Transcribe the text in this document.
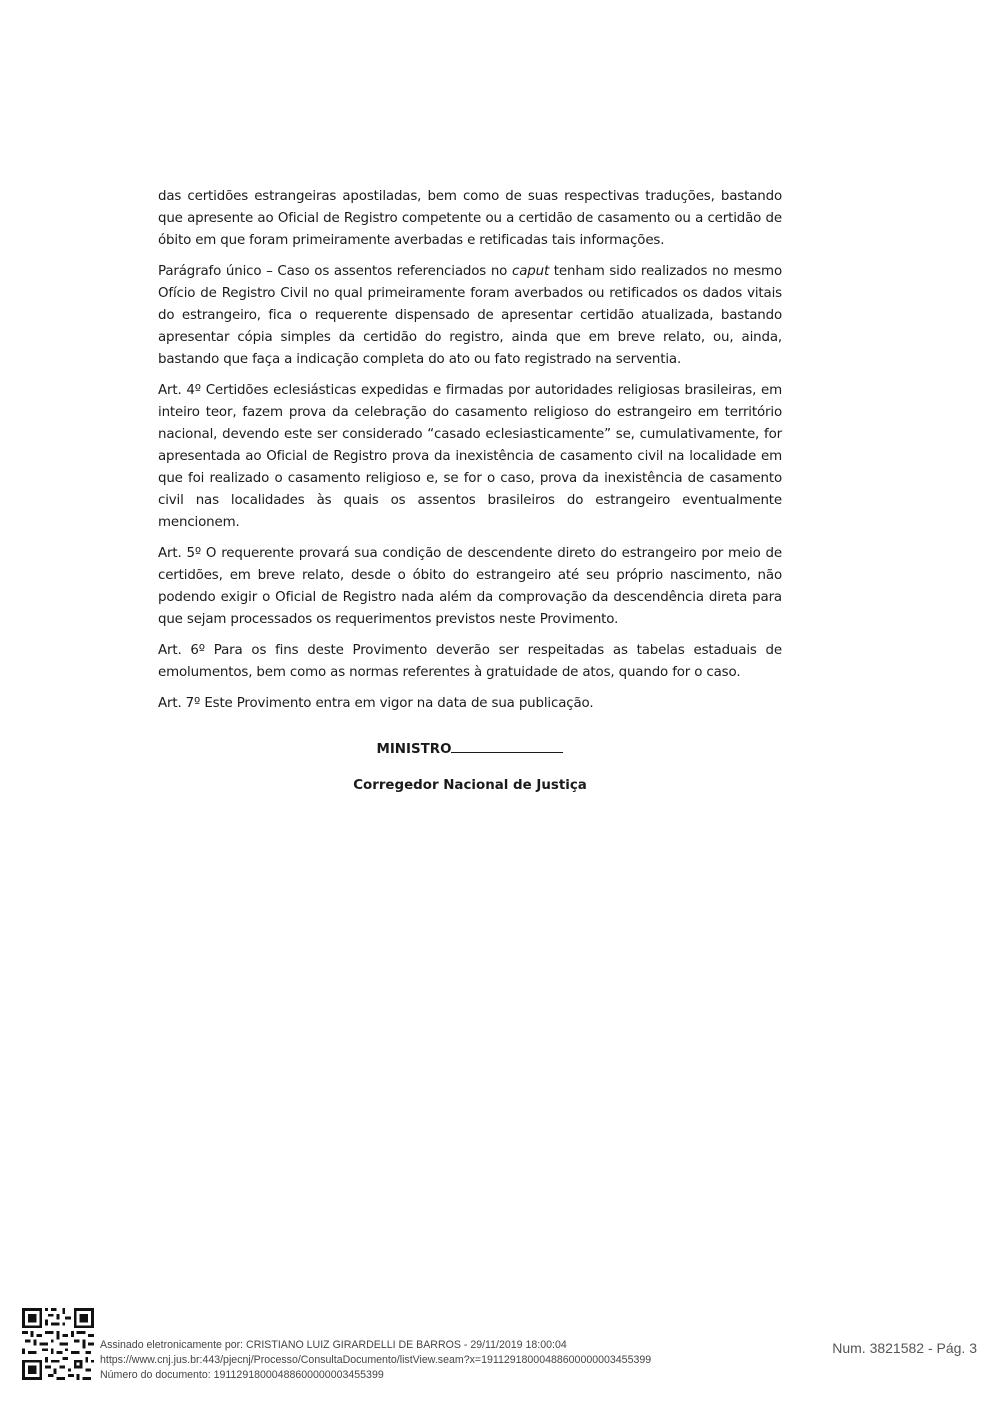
das certidões estrangeiras apostiladas, bem como de suas respectivas traduções, bastando que apresente ao Oficial de Registro competente ou a certidão de casamento ou a certidão de óbito em que foram primeiramente averbadas e retificadas tais informações.

Parágrafo único – Caso os assentos referenciados no caput tenham sido realizados no mesmo Ofício de Registro Civil no qual primeiramente foram averbados ou retificados os dados vitais do estrangeiro, fica o requerente dispensado de apresentar certidão atualizada, bastando apresentar cópia simples da certidão do registro, ainda que em breve relato, ou, ainda, bastando que faça a indicação completa do ato ou fato registrado na serventia.

Art. 4º Certidões eclesiásticas expedidas e firmadas por autoridades religiosas brasileiras, em inteiro teor, fazem prova da celebração do casamento religioso do estrangeiro em território nacional, devendo este ser considerado “casado eclesiasticamente” se, cumulativamente, for apresentada ao Oficial de Registro prova da inexistência de casamento civil na localidade em que foi realizado o casamento religioso e, se for o caso, prova da inexistência de casamento civil nas localidades às quais os assentos brasileiros do estrangeiro eventualmente mencionem.

Art. 5º O requerente provará sua condição de descendente direto do estrangeiro por meio de certidões, em breve relato, desde o óbito do estrangeiro até seu próprio nascimento, não podendo exigir o Oficial de Registro nada além da comprovação da descendência direta para que sejam processados os requerimentos previstos neste Provimento.

Art. 6º Para os fins deste Provimento deverão ser respeitadas as tabelas estaduais de emolumentos, bem como as normas referentes à gratuidade de atos, quando for o caso.

Art. 7º Este Provimento entra em vigor na data de sua publicação.

MINISTRO
Corregedor Nacional de Justiça
Assinado eletronicamente por: CRISTIANO LUIZ GIRARDELLI DE BARROS - 29/11/2019 18:00:04
https://www.cnj.jus.br:443/pjecnj/Processo/ConsultaDocumento/listView.seam?x=19112918000488600000003455399
Número do documento: 19112918000488600000003455399
Num. 3821582 - Pág. 3
